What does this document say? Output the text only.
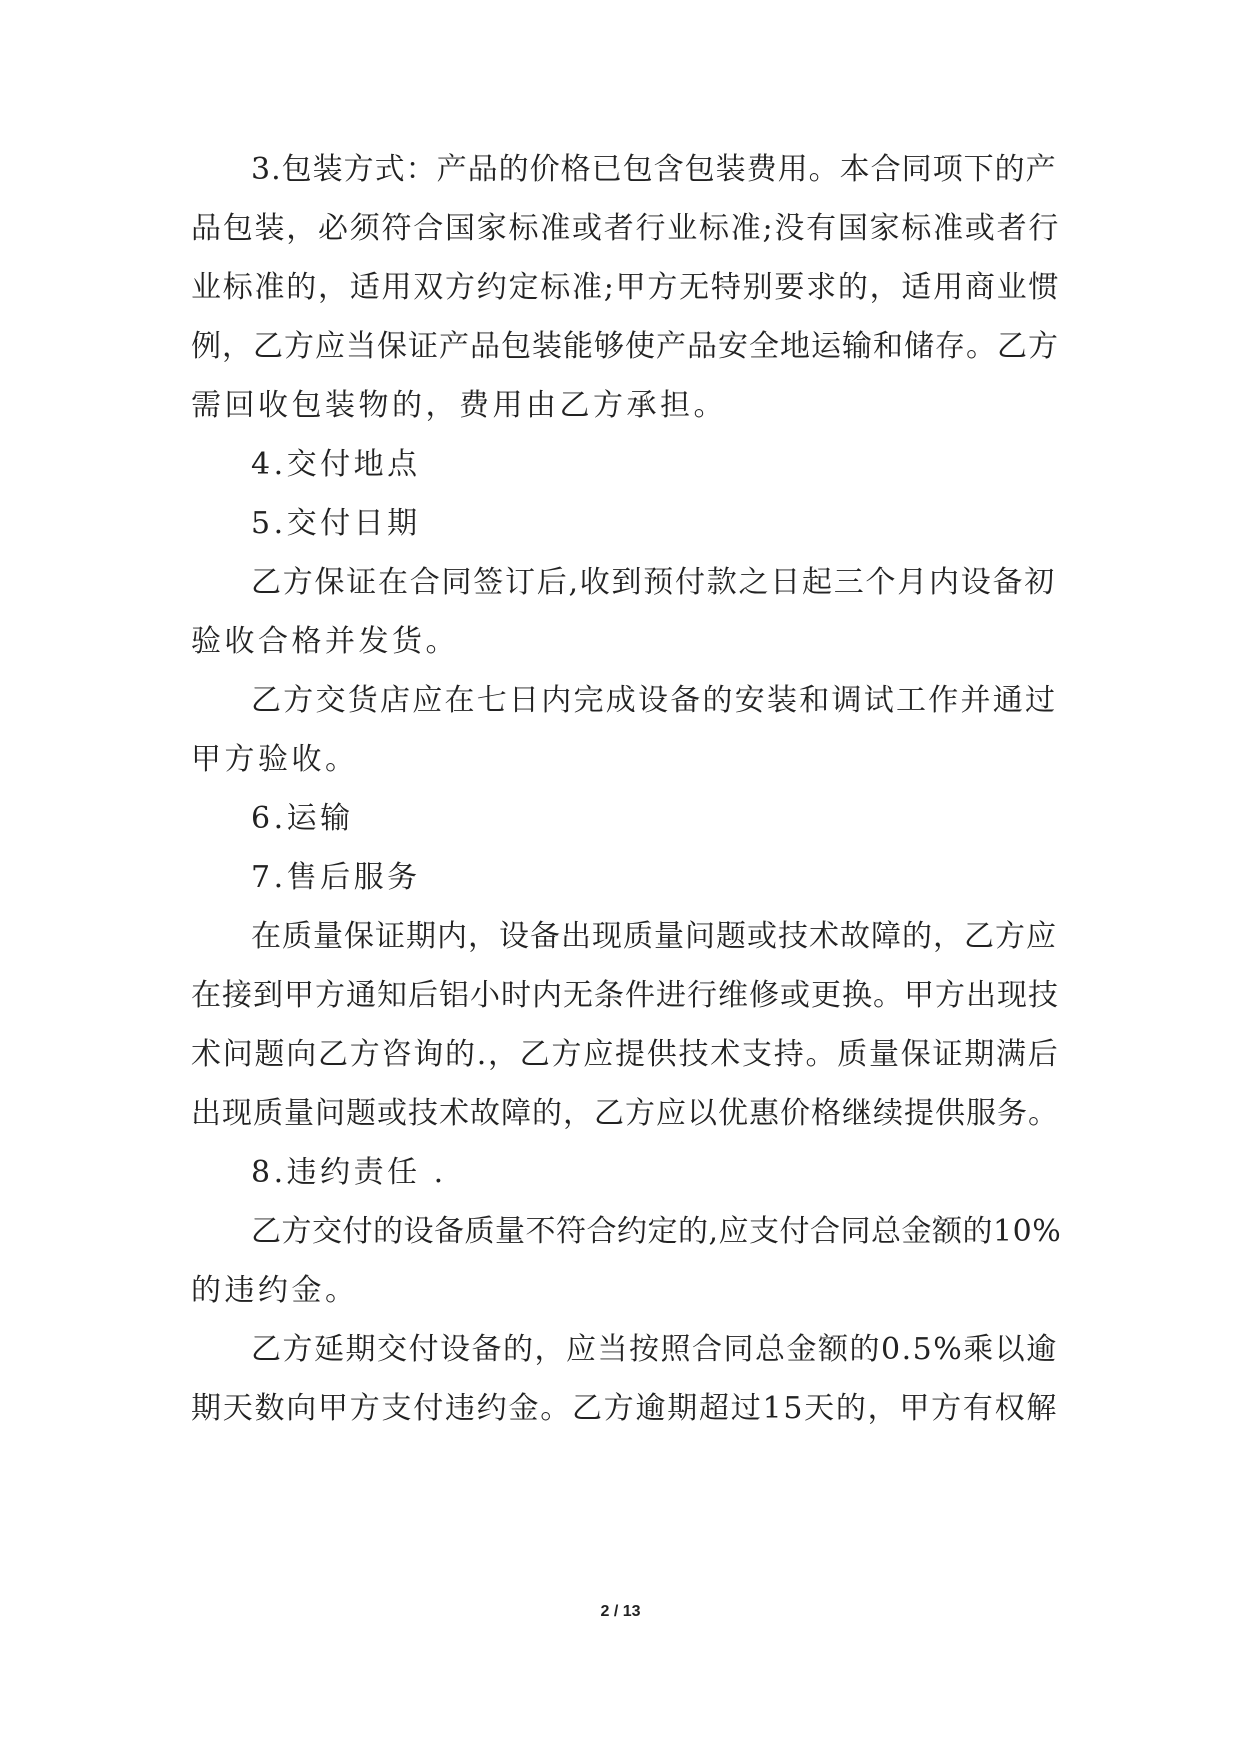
3.包装方式：产品的价格已包含包装费用。本合同项下的产
品包装，必须符合国家标准或者行业标准;没有国家标准或者行
业标准的，适用双方约定标准;甲方无特别要求的，适用商业惯
例，乙方应当保证产品包装能够使产品安全地运输和储存。乙方
需回收包装物的，费用由乙方承担。
4.交付地点
5.交付日期
乙方保证在合同签订后,收到预付款之日起三个月内设备初
验收合格并发货。
乙方交货店应在七日内完成设备的安装和调试工作并通过
甲方验收。
6.运输
7.售后服务
在质量保证期内，设备出现质量问题或技术故障的，乙方应
在接到甲方通知后铝小时内无条件进行维修或更换。甲方出现技
术问题向乙方咨询的.，乙方应提供技术支持。质量保证期满后
出现质量问题或技术故障的，乙方应以优惠价格继续提供服务。
8.违约责任 .
乙方交付的设备质量不符合约定的,应支付合同总金额的10%
的违约金。
乙方延期交付设备的，应当按照合同总金额的0.5%乘以逾
期天数向甲方支付违约金。乙方逾期超过15天的，甲方有权解
2 / 13
